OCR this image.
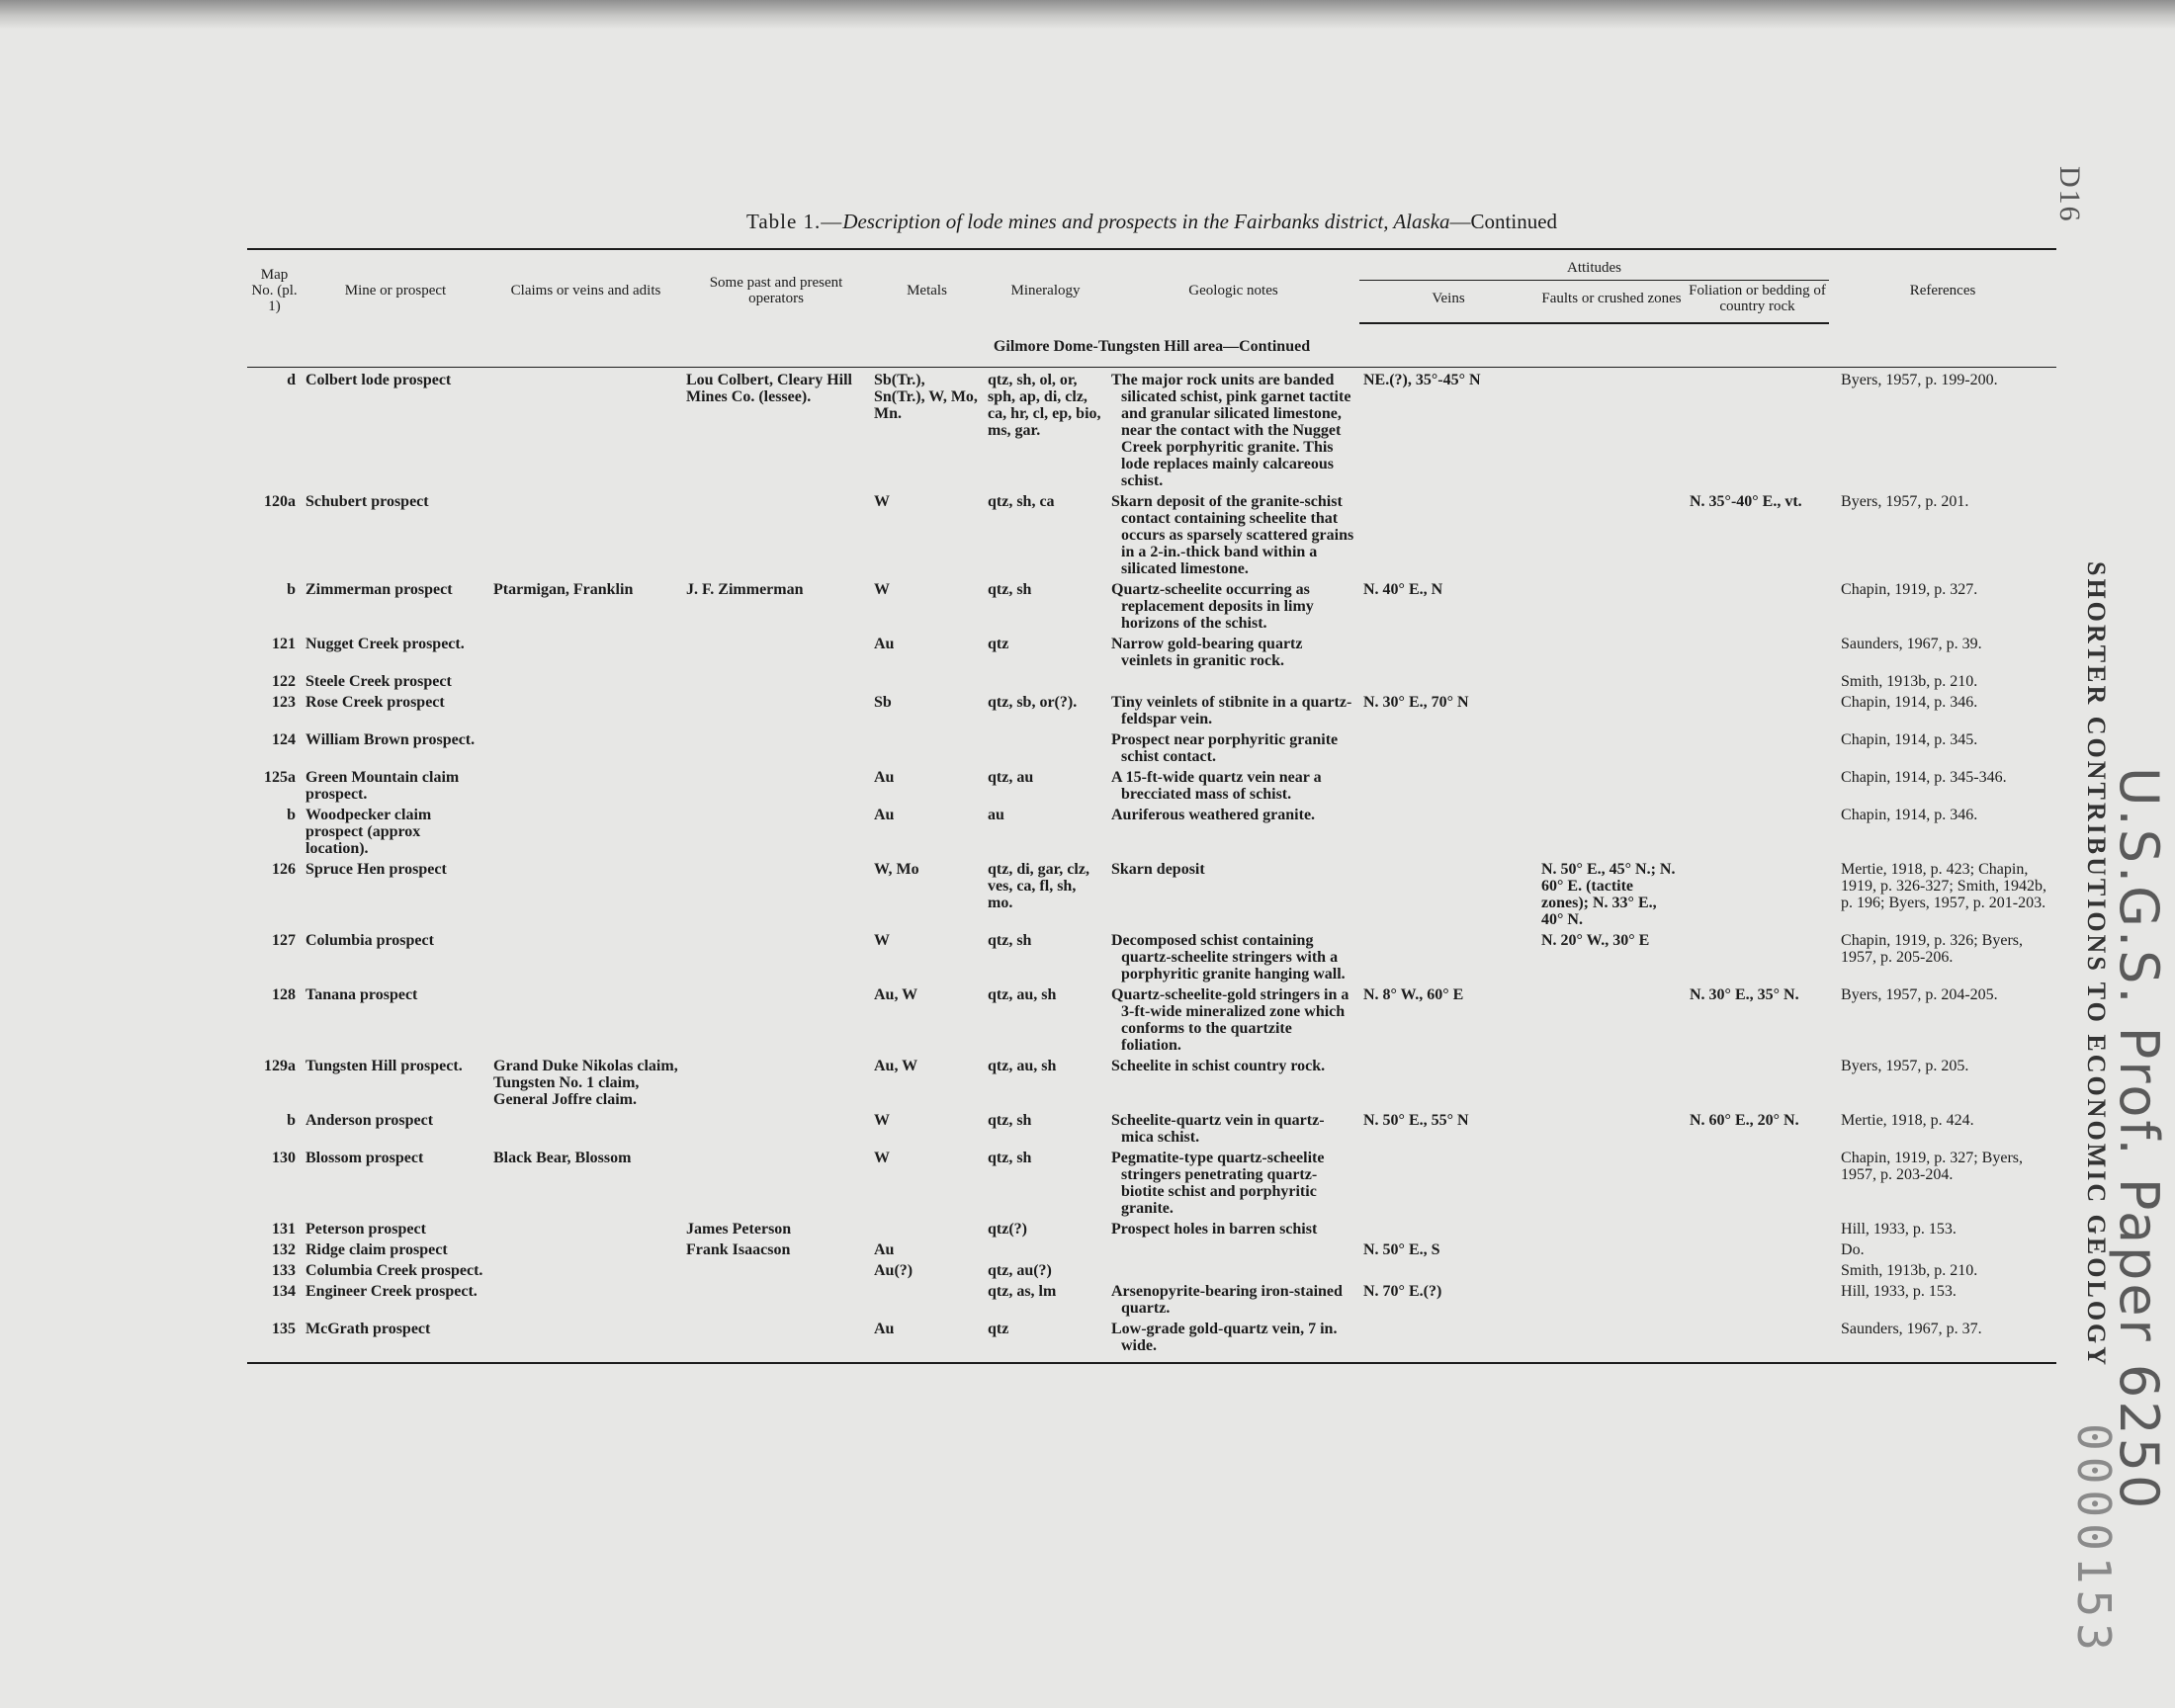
D16
SHORTER CONTRIBUTIONS TO ECONOMIC GEOLOGY
U.S.G.S. Prof. Paper 6250
0000153
Table 1.—Description of lode mines and prospects in the Fairbanks district, Alaska—Continued
Map No. (pl. 1)	Mine or prospect	Claims or veins and adits	Some past and present operators	Metals	Mineralogy	Geologic notes	Attitudes			References
							Veins	Faults or crushed zones	Foliation or bedding of country rock	
Gilmore Dome-Tungsten Hill area—Continued										
d	Colbert lode prospect		Lou Colbert, Cleary Hill Mines Co. (lessee).	Sb(Tr.), Sn(Tr.), W, Mo, Mn.	qtz, sh, ol, or, sph, ap, di, clz, ca, hr, cl, ep, bio, ms, gar.	The major rock units are banded silicated schist, pink garnet tactite and granular silicated limestone, near the contact with the Nugget Creek porphyritic granite. This lode replaces mainly calcareous schist.	NE.(?), 35°-45° N			Byers, 1957, p. 199-200.
120a	Schubert prospect			W	qtz, sh, ca	Skarn deposit of the granite-schist contact containing scheelite that occurs as sparsely scattered grains in a 2-in.-thick band within a silicated limestone.			N. 35°-40° E., vt.	Byers, 1957, p. 201.
b	Zimmerman prospect	Ptarmigan, Franklin	J. F. Zimmerman	W	qtz, sh	Quartz-scheelite occurring as replacement deposits in limy horizons of the schist.	N. 40° E., N			Chapin, 1919, p. 327.
121	Nugget Creek prospect.			Au	qtz	Narrow gold-bearing quartz veinlets in granitic rock.				Saunders, 1967, p. 39.
122	Steele Creek prospect									Smith, 1913b, p. 210.
123	Rose Creek prospect			Sb	qtz, sb, or(?).	Tiny veinlets of stibnite in a quartz-feldspar vein.	N. 30° E., 70° N			Chapin, 1914, p. 346.
124	William Brown prospect.					Prospect near porphyritic granite schist contact.				Chapin, 1914, p. 345.
125a	Green Mountain claim prospect.			Au	qtz, au	A 15-ft-wide quartz vein near a brecciated mass of schist.				Chapin, 1914, p. 345-346.
b	Woodpecker claim prospect (approx location).			Au	au	Auriferous weathered granite.				Chapin, 1914, p. 346.
126	Spruce Hen prospect			W, Mo	qtz, di, gar, clz, ves, ca, fl, sh, mo.	Skarn deposit		N. 50° E., 45° N.; N. 60° E. (tactite zones); N. 33° E., 40° N.		Mertie, 1918, p. 423; Chapin, 1919, p. 326-327; Smith, 1942b, p. 196; Byers, 1957, p. 201-203.
127	Columbia prospect			W	qtz, sh	Decomposed schist containing quartz-scheelite stringers with a porphyritic granite hanging wall.		N. 20° W., 30° E		Chapin, 1919, p. 326; Byers, 1957, p. 205-206.
128	Tanana prospect			Au, W	qtz, au, sh	Quartz-scheelite-gold stringers in a 3-ft-wide mineralized zone which conforms to the quartzite foliation.	N. 8° W., 60° E		N. 30° E., 35° N.	Byers, 1957, p. 204-205.
129a	Tungsten Hill prospect.	Grand Duke Nikolas claim, Tungsten No. 1 claim, General Joffre claim.		Au, W	qtz, au, sh	Scheelite in schist country rock.				Byers, 1957, p. 205.
b	Anderson prospect			W	qtz, sh	Scheelite-quartz vein in quartz-mica schist.	N. 50° E., 55° N		N. 60° E., 20° N.	Mertie, 1918, p. 424.
130	Blossom prospect	Black Bear, Blossom		W	qtz, sh	Pegmatite-type quartz-scheelite stringers penetrating quartz-biotite schist and porphyritic granite.				Chapin, 1919, p. 327; Byers, 1957, p. 203-204.
131	Peterson prospect		James Peterson		qtz(?)	Prospect holes in barren schist				Hill, 1933, p. 153.
132	Ridge claim prospect		Frank Isaacson	Au			N. 50° E., S			Do.
133	Columbia Creek prospect.			Au(?)	qtz, au(?)					Smith, 1913b, p. 210.
134	Engineer Creek prospect.				qtz, as, lm	Arsenopyrite-bearing iron-stained quartz.	N. 70° E.(?)			Hill, 1933, p. 153.
135	McGrath prospect			Au	qtz	Low-grade gold-quartz vein, 7 in. wide.				Saunders, 1967, p. 37.
